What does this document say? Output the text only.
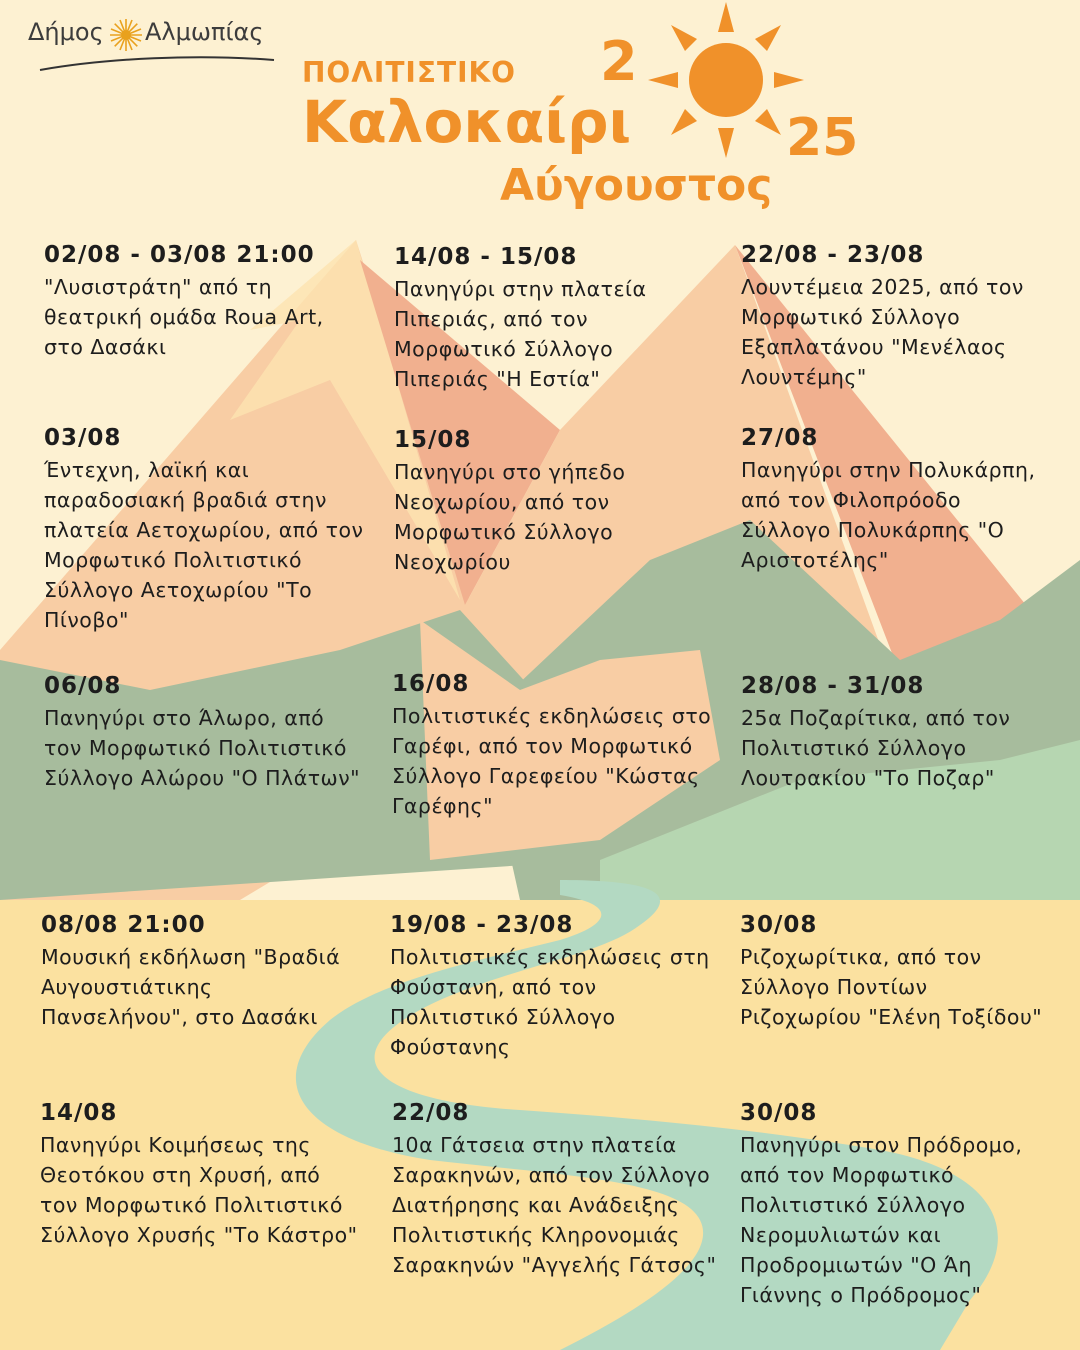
Δήμος Αλμωπίας
ΠΟΛΙΤΙΣΤΙΚΟ
Καλοκαίρι
Αύγουστος
2
25
02/08 - 03/08 21:00
"Λυσιστράτη" από τη θεατρική ομάδα Roua Art, στο Δασάκι
14/08 - 15/08
Πανηγύρι στην πλατεία Πιπεριάς, από τον Μορφωτικό Σύλλογο Πιπεριάς "Η Εστία"
22/08 - 23/08
Λουντέμεια 2025, από τον Μορφωτικό Σύλλογο Εξαπλατάνου "Μενέλαος Λουντέμης"
03/08
Έντεχνη, λαϊκή και παραδοσιακή βραδιά στην πλατεία Αετοχωρίου, από τον Μορφωτικό Πολιτιστικό Σύλλογο Αετοχωρίου "Το Πίνοβο"
15/08
Πανηγύρι στο γήπεδο Νεοχωρίου, από τον Μορφωτικό Σύλλογο Νεοχωρίου
27/08
Πανηγύρι στην Πολυκάρπη, από τον Φιλοπρόοδο Σύλλογο Πολυκάρπης "Ο Αριστοτέλης"
06/08
Πανηγύρι στο Άλωρο, από τον Μορφωτικό Πολιτιστικό Σύλλογο Αλώρου "Ο Πλάτων"
16/08
Πολιτιστικές εκδηλώσεις στο Γαρέφι, από τον Μορφωτικό Σύλλογο Γαρεφείου "Κώστας Γαρέφης"
28/08 - 31/08
25α Ποζαρίτικα, από τον Πολιτιστικό Σύλλογο Λουτρακίου "Το Ποζαρ"
08/08 21:00
Μουσική εκδήλωση "Βραδιά Αυγουστιάτικης Πανσελήνου", στο Δασάκι
19/08 - 23/08
Πολιτιστικές εκδηλώσεις στη Φούστανη, από τον Πολιτιστικό Σύλλογο Φούστανης
30/08
Ριζοχωρίτικα, από τον Σύλλογο Ποντίων Ριζοχωρίου "Ελένη Τοξίδου"
14/08
Πανηγύρι Κοιμήσεως της Θεοτόκου στη Χρυσή, από τον Μορφωτικό Πολιτιστικό Σύλλογο Χρυσής "Το Κάστρο"
22/08
10α Γάτσεια στην πλατεία Σαρακηνών, από τον Σύλλογο Διατήρησης και Ανάδειξης Πολιτιστικής Κληρονομιάς Σαρακηνών "Αγγελής Γάτσος"
30/08
Πανηγύρι στον Πρόδρομο, από τον Μορφωτικό Πολιτιστικό Σύλλογο Νερομυλιωτών και Προδρομιωτών "Ο Άη Γιάννης ο Πρόδρομος"
